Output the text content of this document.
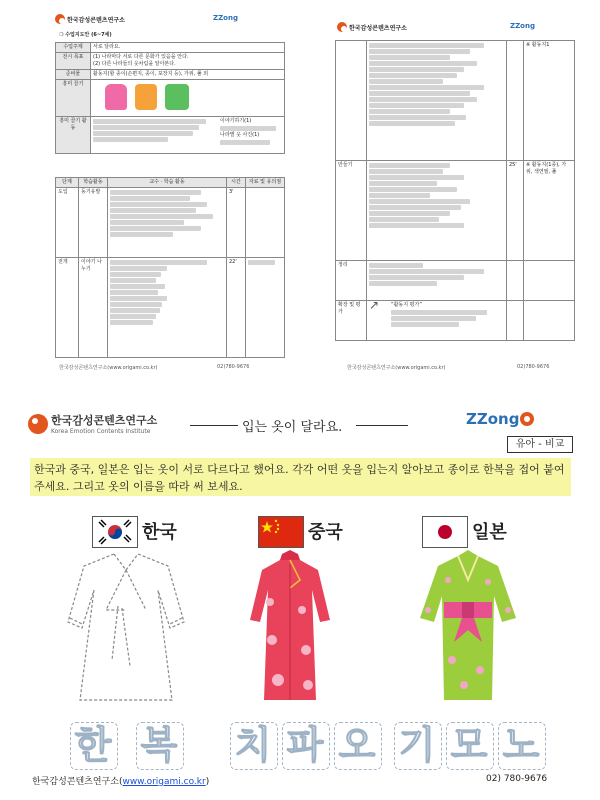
한국감성콘텐츠연구소	ZZong
❍ 수업지도안 (6~7세)
수업주제	서로 달라요.
전시 목표	(1) 나라마다 서로 다른 문화가 있음을 안다.
(2) 다른 나라들의 옷차림을 알아본다.

준비물	활동지(할 종이(손편지, 종이, 포장지 등), 가위, 풀 외
흥미 끌기	

흥미 끌기 활동	이야기하기(1)
나라별 옷 사진(1)
단계	학습활동	교수 · 학습 활동	시간	자료 및 유의점
도입	동기유발		3'	
전개	이야기 나누기		22'	
한국감성콘텐츠연구소(www.origami.co.kr)	02)780-9676
한국감성콘텐츠연구소	ZZong

		※ 활동지1
만들기		25'	※ 활동지(1종), 가위, 색연필, 풀
정리	

확장 및 평가	↗ “활동지 평가”		

한국감성콘텐츠연구소(www.origami.co.kr)	02)780-9676
한국감성콘텐츠연구소
Korea Emotion Contents Institute	입는 옷이 달라요.	ZZong
유아 - 비교
한국과 중국, 일본은 입는 옷이 서로 다르다고 했어요. 각각 어떤 옷을 입는지 알아보고 종이로 한복을 접어 붙여주세요. 그리고 옷의 이름을 따라 써 보세요.
한국
한 복
중국
치 파 오
일본
기 모 노
한국감성콘텐츠연구소(www.origami.co.kr)	02) 780-9676
